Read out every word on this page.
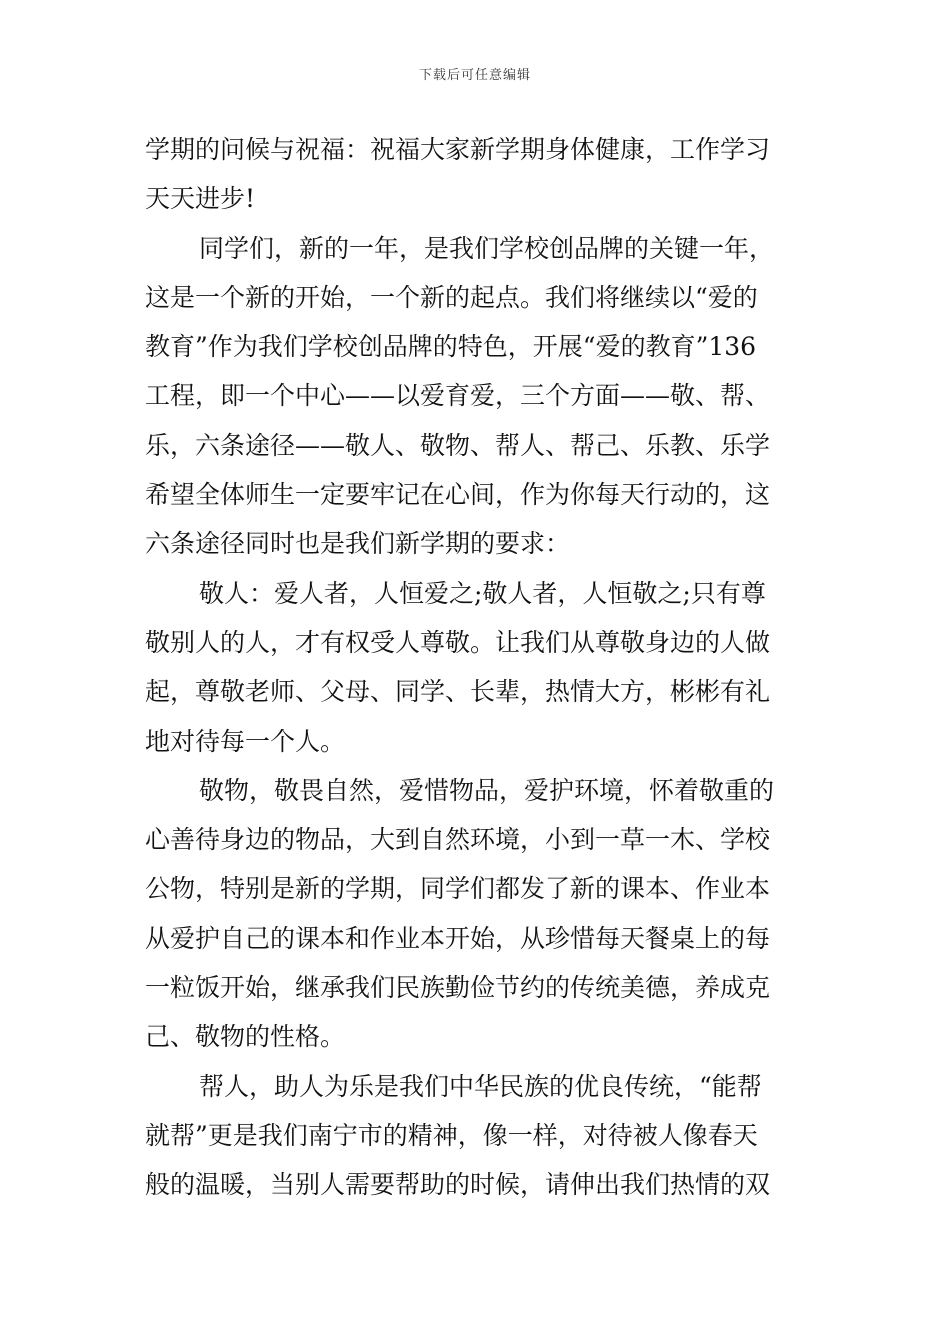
下载后可任意编辑
学期的问候与祝福：祝福大家新学期身体健康，工作学习
天天进步!
同学们，新的一年，是我们学校创品牌的关键一年，
这是一个新的开始，一个新的起点。我们将继续以“爱的
教育”作为我们学校创品牌的特色，开展“爱的教育”136
工程，即一个中心——以爱育爱，三个方面——敬、帮、
乐，六条途径——敬人、敬物、帮人、帮己、乐教、乐学
希望全体师生一定要牢记在心间，作为你每天行动的，这
六条途径同时也是我们新学期的要求：
敬人：爱人者，人恒爱之;敬人者，人恒敬之;只有尊
敬别人的人，才有权受人尊敬。让我们从尊敬身边的人做
起，尊敬老师、父母、同学、长辈，热情大方，彬彬有礼
地对待每一个人。
敬物，敬畏自然，爱惜物品，爱护环境，怀着敬重的
心善待身边的物品，大到自然环境，小到一草一木、学校
公物，特别是新的学期，同学们都发了新的课本、作业本
从爱护自己的课本和作业本开始，从珍惜每天餐桌上的每
一粒饭开始，继承我们民族勤俭节约的传统美德，养成克
己、敬物的性格。
帮人，助人为乐是我们中华民族的优良传统，“能帮
就帮”更是我们南宁市的精神，像一样，对待被人像春天
般的温暖，当别人需要帮助的时候，请伸出我们热情的双
